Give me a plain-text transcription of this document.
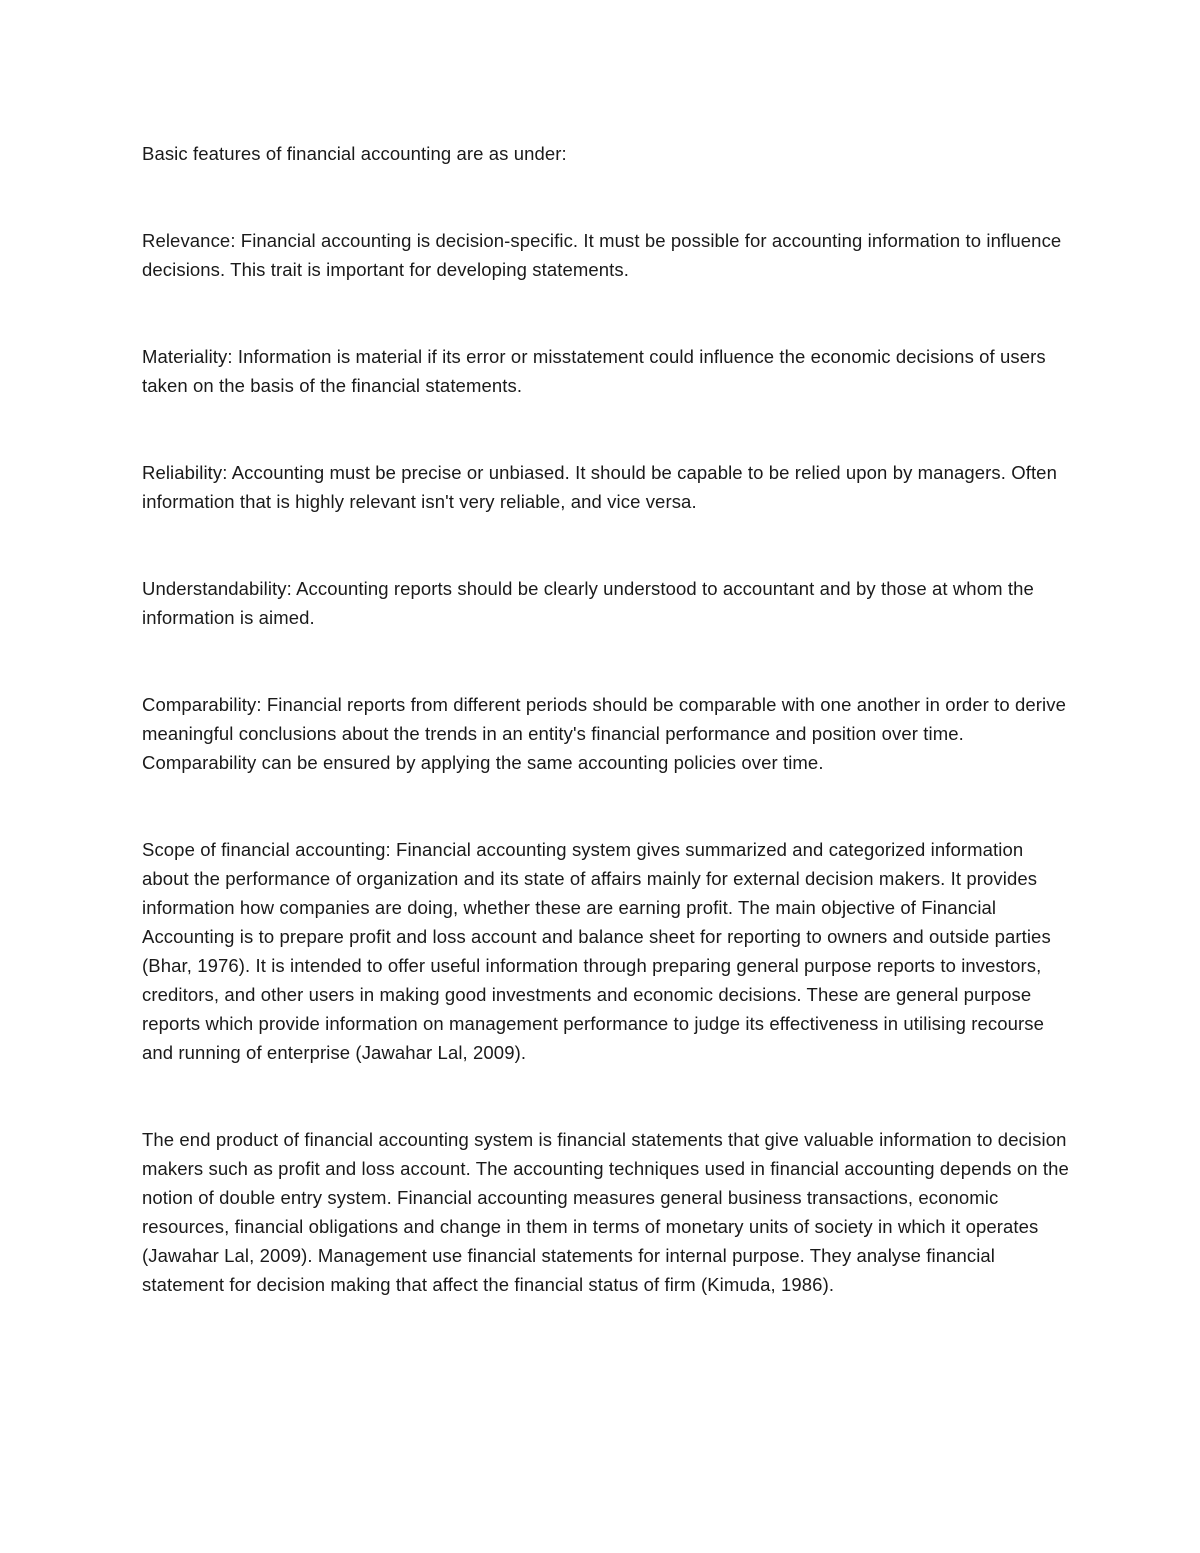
Basic features of financial accounting are as under:

Relevance: Financial accounting is decision-specific. It must be possible for accounting information to influence decisions. This trait is important for developing statements.

Materiality: Information is material if its error or misstatement could influence the economic decisions of users taken on the basis of the financial statements.

Reliability: Accounting must be precise or unbiased. It should be capable to be relied upon by managers. Often information that is highly relevant isn't very reliable, and vice versa.

Understandability: Accounting reports should be clearly understood to accountant and by those at whom the information is aimed.

Comparability: Financial reports from different periods should be comparable with one another in order to derive meaningful conclusions about the trends in an entity's financial performance and position over time. Comparability can be ensured by applying the same accounting policies over time.

Scope of financial accounting: Financial accounting system gives summarized and categorized information about the performance of organization and its state of affairs mainly for external decision makers. It provides information how companies are doing, whether these are earning profit. The main objective of Financial Accounting is to prepare profit and loss account and balance sheet for reporting to owners and outside parties (Bhar, 1976). It is intended to offer useful information through preparing general purpose reports to investors, creditors, and other users in making good investments and economic decisions. These are general purpose reports which provide information on management performance to judge its effectiveness in utilising recourse and running of enterprise (Jawahar Lal, 2009).

The end product of financial accounting system is financial statements that give valuable information to decision makers such as profit and loss account. The accounting techniques used in financial accounting depends on the notion of double entry system. Financial accounting measures general business transactions, economic resources, financial obligations and change in them in terms of monetary units of society in which it operates (Jawahar Lal, 2009). Management use financial statements for internal purpose. They analyse financial statement for decision making that affect the financial status of firm (Kimuda, 1986).
